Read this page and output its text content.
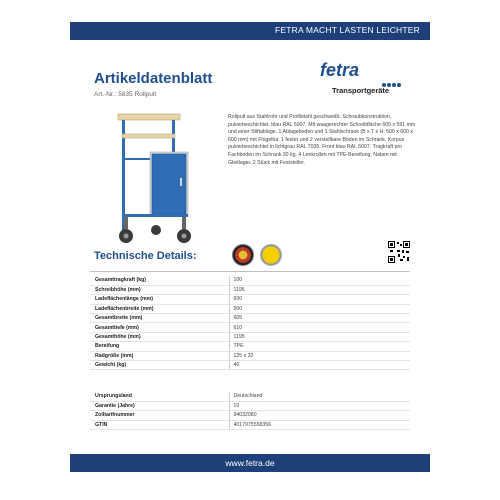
FETRA MACHT LASTEN LEICHTER
Artikeldatenblatt
Art.-Nr.: 5835 Rollpult
fetra
Transportgeräte
Rollpult aus Stahlrohr und Profilstahl geschweißt. Schraubkonstruktion, pulverbeschichtet, blau RAL 5007. Mit waagerechter Schreibfläche 605 x 591 mm und einer Stiftablage. 1 Ablageboden und 1 Stahlschrank (B x T x H: 500 x 600 x 600 mm) mit Flügeltür. 1 fester und 2 verstellbare Böden im Schrank. Korpus pulverbeschichtet in lichtgrau RAL 7035. Front blau RAL 5007. Tragkraft pro Fachboden im Schrank 30 kg. 4 Lenkrollen mit TPE-Bereifung, Naben mit Gleitlager. 2 Stück mit Feststeller.
Technische Details:
Gesamttragkraft (kg)	100
Schreibhöhe (mm)	1195
Ladeflächenlänge (mm)	600
Ladeflächenbreite (mm)	500
Gesamtbreite (mm)	605
Gesamttiefe (mm)	610
Gesamthöhe (mm)	1195
Bereifung	TPE
Radgröße (mm)	125 x 32
Gewicht (kg)	46
Ursprungsland	Deutschland
Garantie (Jahre)	10
Zolltarifnummer	94032080
GTIN	4017975558356
www.fetra.de
